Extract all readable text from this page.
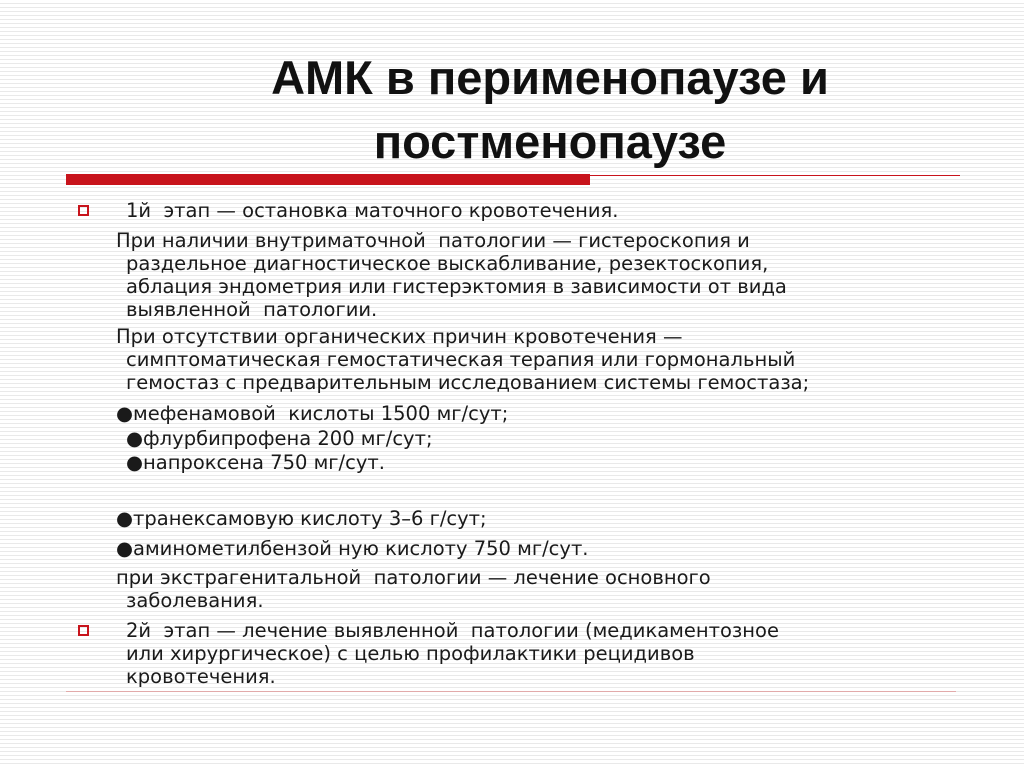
АМК в перименопаузе и
постменопаузе
1й  этап — остановка маточного кровотечения.
При наличии внутриматочной  патологии — гистероскопия и
раздельное диагностическое выскабливание, резектоскопия,
аблация эндометрия или гистерэктомия в зависимости от вида
выявленной  патологии.
При отсутствии органических причин кровотечения —
симптоматическая гемостатическая терапия или гормональный
гемостаз с предварительным исследованием системы гемостаза;
●мефенамовой  кислоты 1500 мг/сут;
●флурбипрофена 200 мг/сут;
●напроксена 750 мг/сут.
●транексамовую кислоту 3–6 г/сут;
●аминометилбензой ную кислоту 750 мг/сут.
при экстрагенитальной  патологии — лечение основного
заболевания.
2й  этап — лечение выявленной  патологии (медикаментозное
или хирургическое) с целью профилактики рецидивов
кровотечения.
